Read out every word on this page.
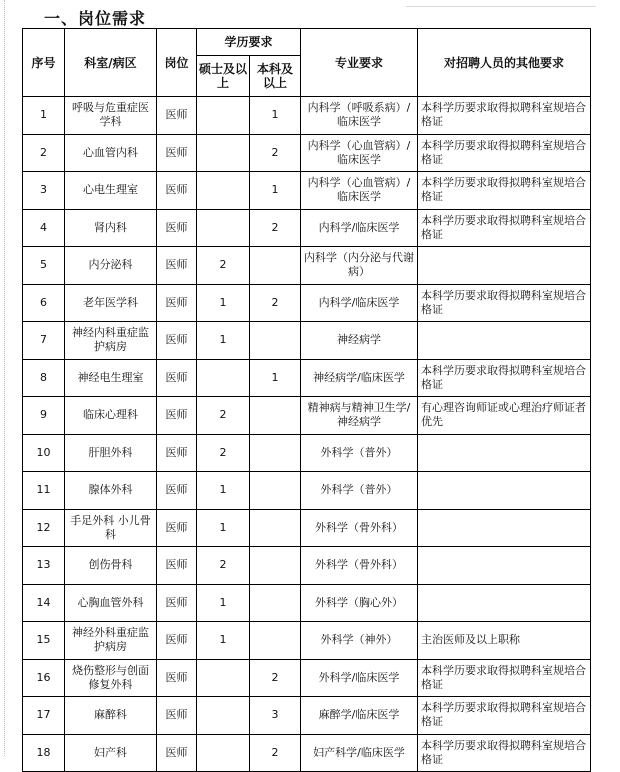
一、岗位需求
序号	科室/病区	岗位	学历要求		专业要求	对招聘人员的其他要求
			硕士及以上	本科及以上		
1	呼吸与危重症医学科	医师		1	内科学（呼吸系病）/临床医学	本科学历要求取得拟聘科室规培合格证
2	心血管内科	医师		2	内科学（心血管病）/临床医学	本科学历要求取得拟聘科室规培合格证
3	心电生理室	医师		1	内科学（心血管病）/临床医学	本科学历要求取得拟聘科室规培合格证
4	肾内科	医师		2	内科学/临床医学	本科学历要求取得拟聘科室规培合格证
5	内分泌科	医师	2		内科学（内分泌与代谢病）	
6	老年医学科	医师	1	2	内科学/临床医学	本科学历要求取得拟聘科室规培合格证
7	神经内科重症监护病房	医师	1		神经病学	
8	神经电生理室	医师		1	神经病学/临床医学	本科学历要求取得拟聘科室规培合格证
9	临床心理科	医师	2		精神病与精神卫生学/神经病学	有心理咨询师证或心理治疗师证者优先
10	肝胆外科	医师	2		外科学（普外）	
11	腺体外科	医师	1		外科学（普外）	
12	手足外科 小儿骨科	医师	1		外科学（骨外科）	
13	创伤骨科	医师	2		外科学（骨外科）	
14	心胸血管外科	医师	1		外科学（胸心外）	
15	神经外科重症监护病房	医师	1		外科学（神外）	主治医师及以上职称
16	烧伤整形与创面修复外科	医师		2	外科学/临床医学	本科学历要求取得拟聘科室规培合格证
17	麻醉科	医师		3	麻醉学/临床医学	本科学历要求取得拟聘科室规培合格证
18	妇产科	医师		2	妇产科学/临床医学	本科学历要求取得拟聘科室规培合格证
